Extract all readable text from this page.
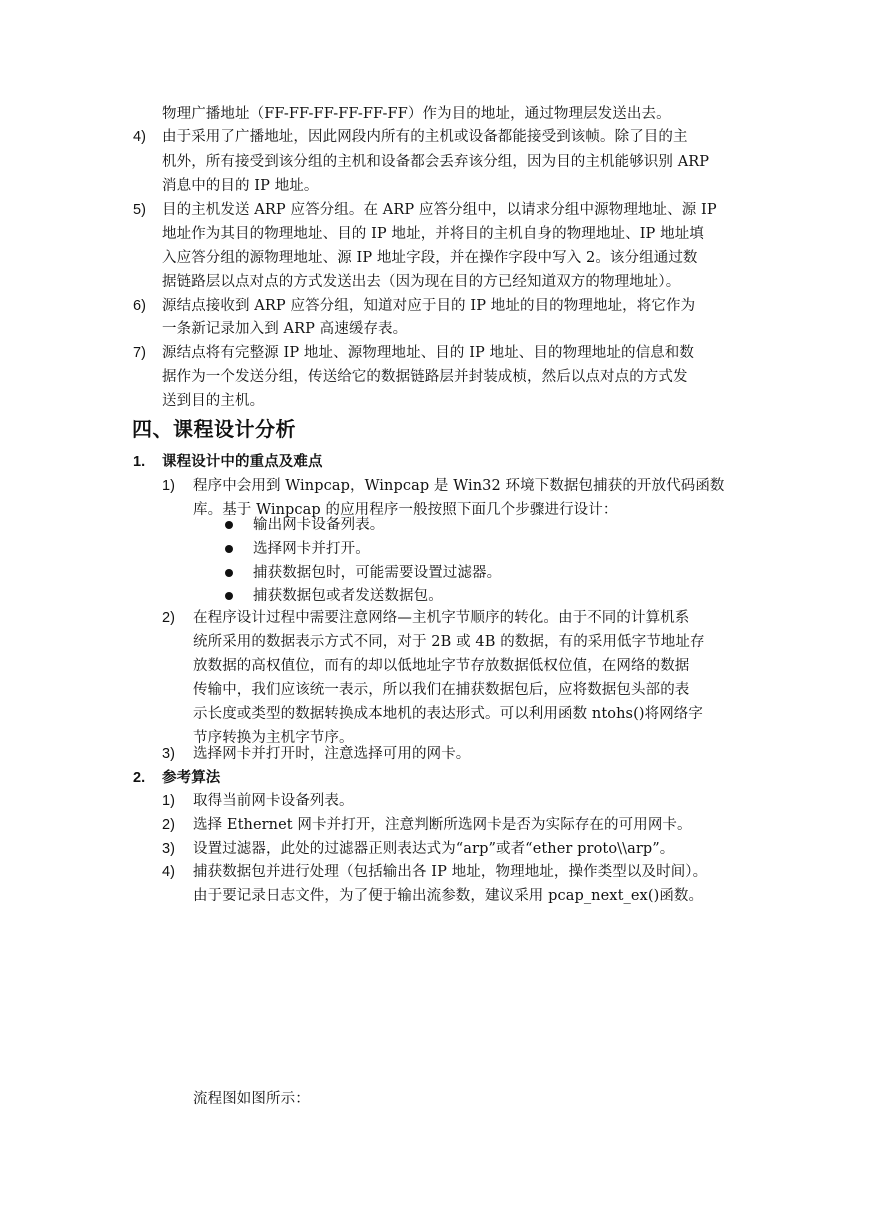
物理广播地址（FF-FF-FF-FF-FF-FF）作为目的地址，通过物理层发送出去。
4) 由于采用了广播地址，因此网段内所有的主机或设备都能接受到该帧。除了目的主
机外，所有接受到该分组的主机和设备都会丢弃该分组，因为目的主机能够识别 ARP
消息中的目的 IP 地址。
5) 目的主机发送 ARP 应答分组。在 ARP 应答分组中，以请求分组中源物理地址、源 IP
地址作为其目的物理地址、目的 IP 地址，并将目的主机自身的物理地址、IP 地址填
入应答分组的源物理地址、源 IP 地址字段，并在操作字段中写入 2。该分组通过数
据链路层以点对点的方式发送出去（因为现在目的方已经知道双方的物理地址）。
6) 源结点接收到 ARP 应答分组，知道对应于目的 IP 地址的目的物理地址，将它作为
一条新记录加入到 ARP 高速缓存表。
7) 源结点将有完整源 IP 地址、源物理地址、目的 IP 地址、目的物理地址的信息和数
据作为一个发送分组，传送给它的数据链路层并封装成桢，然后以点对点的方式发
送到目的主机。
四、课程设计分析
1. 课程设计中的重点及难点
1) 程序中会用到 Winpcap，Winpcap 是 Win32 环境下数据包捕获的开放代码函数
库。基于 Winpcap 的应用程序一般按照下面几个步骤进行设计：
输出网卡设备列表。
选择网卡并打开。
捕获数据包时，可能需要设置过滤器。
捕获数据包或者发送数据包。
2) 在程序设计过程中需要注意网络—主机字节顺序的转化。由于不同的计算机系
统所采用的数据表示方式不同，对于 2B 或 4B 的数据，有的采用低字节地址存
放数据的高权值位，而有的却以低地址字节存放数据低权位值，在网络的数据
传输中，我们应该统一表示，所以我们在捕获数据包后，应将数据包头部的表
示长度或类型的数据转换成本地机的表达形式。可以利用函数 ntohs()将网络字
节序转换为主机字节序。
3) 选择网卡并打开时，注意选择可用的网卡。
2. 参考算法
1) 取得当前网卡设备列表。
2) 选择 Ethernet 网卡并打开，注意判断所选网卡是否为实际存在的可用网卡。
3) 设置过滤器，此处的过滤器正则表达式为“arp”或者“ether proto\\arp”。
4) 捕获数据包并进行处理（包括输出各 IP 地址，物理地址，操作类型以及时间）。
由于要记录日志文件，为了便于输出流参数，建议采用 pcap_next_ex()函数。
流程图如图所示：
